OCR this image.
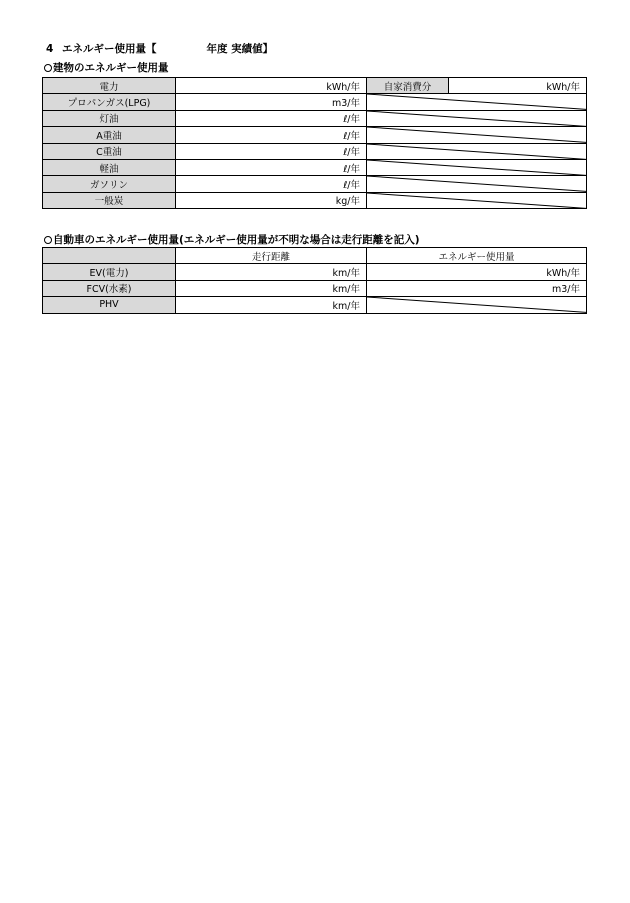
4 エネルギー使用量【	年度 実績値】
建物のエネルギー使用量
電力	kWh/年	自家消費分	kWh/年
プロパンガス(LPG)	m3/年	

灯油	ℓ/年	

A重油	ℓ/年	

C重油	ℓ/年	

軽油	ℓ/年	

ガソリン	ℓ/年	

一般炭	kg/年	
自動車のエネルギー使用量(エネルギー使用量が不明な場合は走行距離を記入)
	走行距離	エネルギー使用量
EV(電力)	km/年	kWh/年
FCV(水素)	km/年	m3/年
PHV	km/年	
